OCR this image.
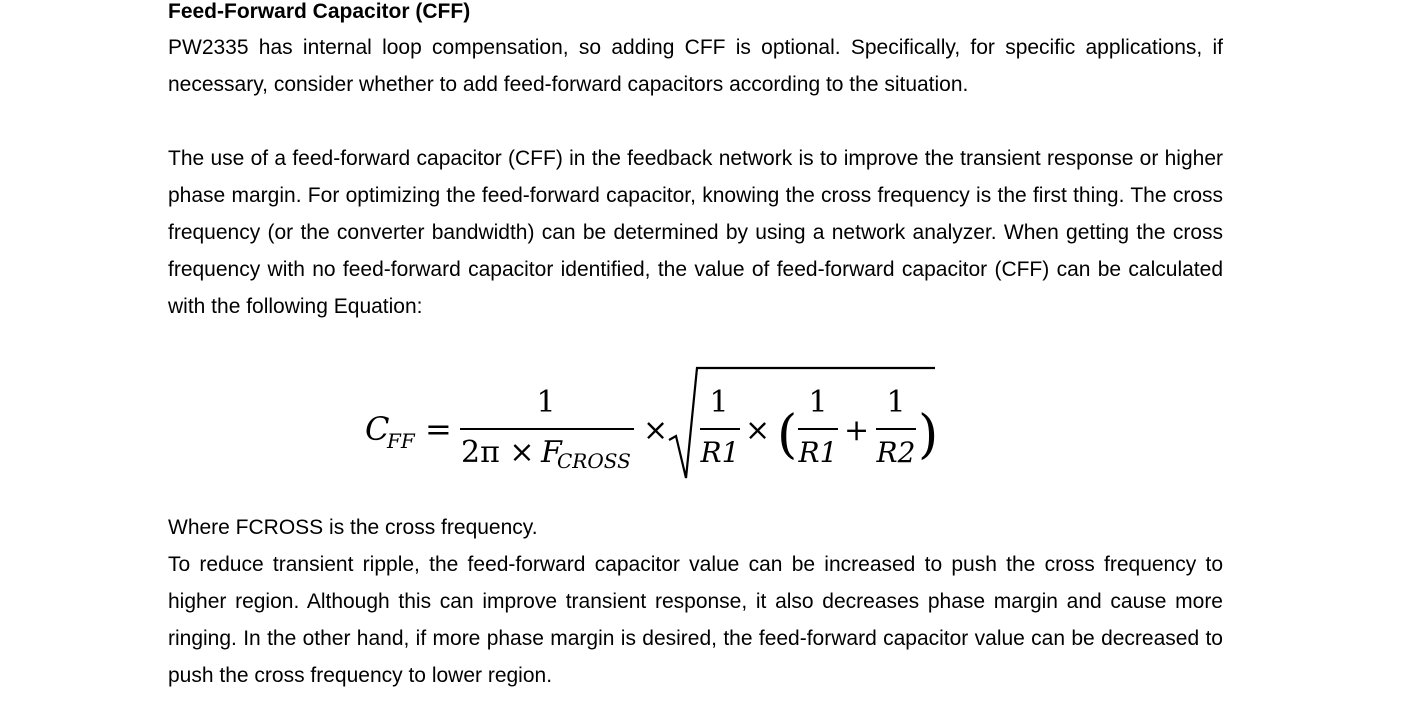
Feed-Forward Capacitor (CFF)

PW2335 has internal loop compensation, so adding CFF is optional. Specifically, for specific applications, if necessary, consider whether to add feed-forward capacitors according to the situation.

The use of a feed-forward capacitor (CFF) in the feedback network is to improve the transient response or higher phase margin. For optimizing the feed-forward capacitor, knowing the cross frequency is the first thing. The cross frequency (or the converter bandwidth) can be determined by using a network analyzer. When getting the cross frequency with no feed-forward capacitor identified, the value of feed-forward capacitor (CFF) can be calculated with the following Equation:

Where FCROSS is the cross frequency.

To reduce transient ripple, the feed-forward capacitor value can be increased to push the cross frequency to higher region. Although this can improve transient response, it also decreases phase margin and cause more ringing. In the other hand, if more phase margin is desired, the feed-forward capacitor value can be decreased to push the cross frequency to lower region.

C
FF =
1
2π × F
CROSS
×
1
R1
× (
1
R1
+
1
R2 )
